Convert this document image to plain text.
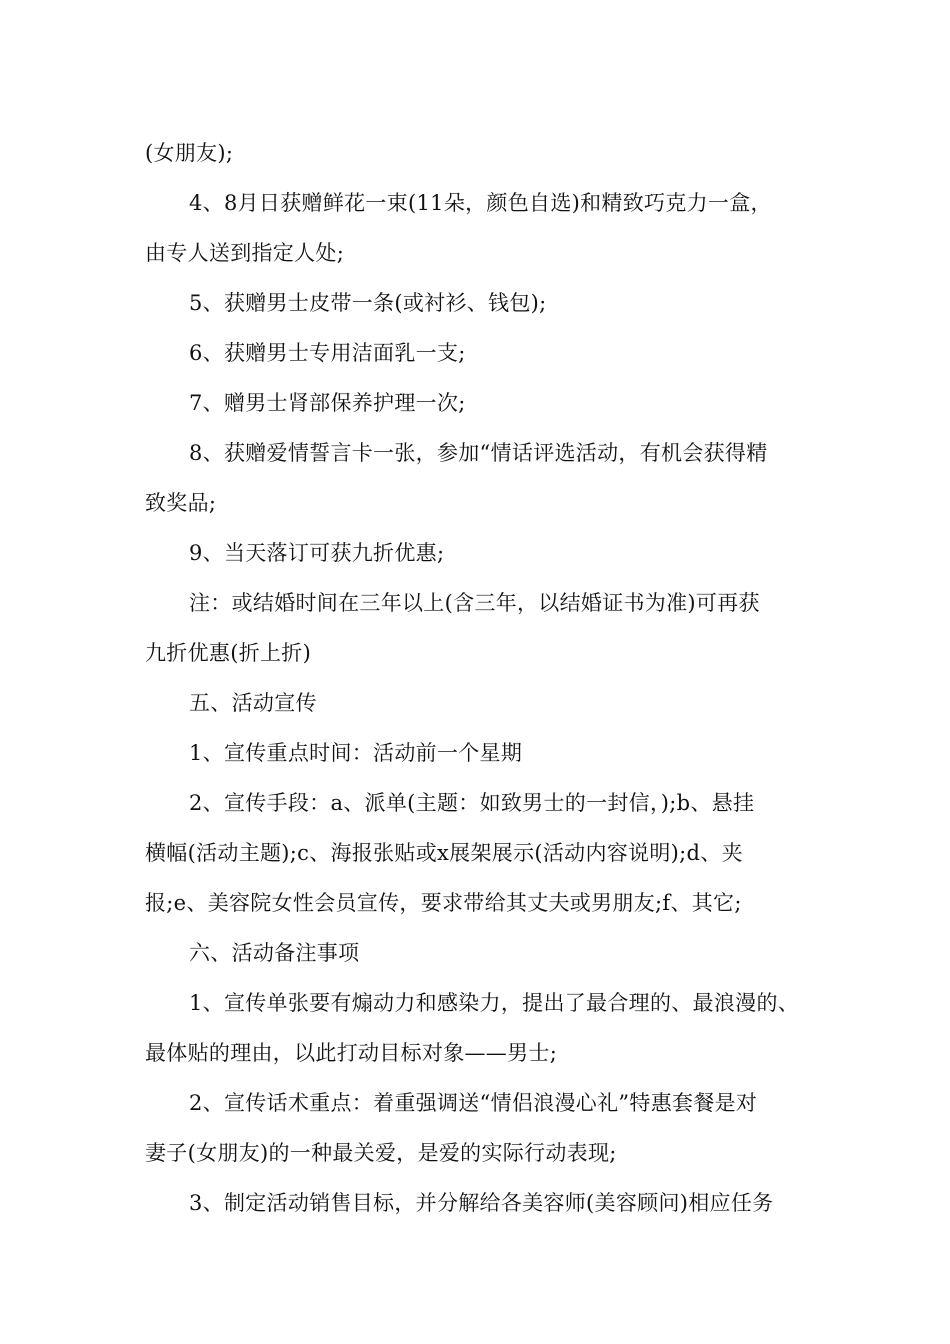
(女朋友);
4、8月日获赠鲜花一束(11朵，颜色自选)和精致巧克力一盒，
由专人送到指定人处;
5、获赠男士皮带一条(或衬衫、钱包);
6、获赠男士专用洁面乳一支;
7、赠男士肾部保养护理一次;
8、获赠爱情誓言卡一张，参加“情话评选活动，有机会获得精
致奖品;
9、当天落订可获九折优惠;
注：或结婚时间在三年以上(含三年，以结婚证书为准)可再获
九折优惠(折上折)
五、活动宣传
1、宣传重点时间：活动前一个星期
2、宣传手段：a、派单(主题：如致男士的一封信，);b、悬挂
横幅(活动主题);c、海报张贴或x展架展示(活动内容说明);d、夹
报;e、美容院女性会员宣传，要求带给其丈夫或男朋友;f、其它;
六、活动备注事项
1、宣传单张要有煽动力和感染力，提出了最合理的、最浪漫的、
最体贴的理由，以此打动目标对象——男士;
2、宣传话术重点：着重强调送“情侣浪漫心礼”特惠套餐是对
妻子(女朋友)的一种最关爱，是爱的实际行动表现;
3、制定活动销售目标，并分解给各美容师(美容顾问)相应任务
